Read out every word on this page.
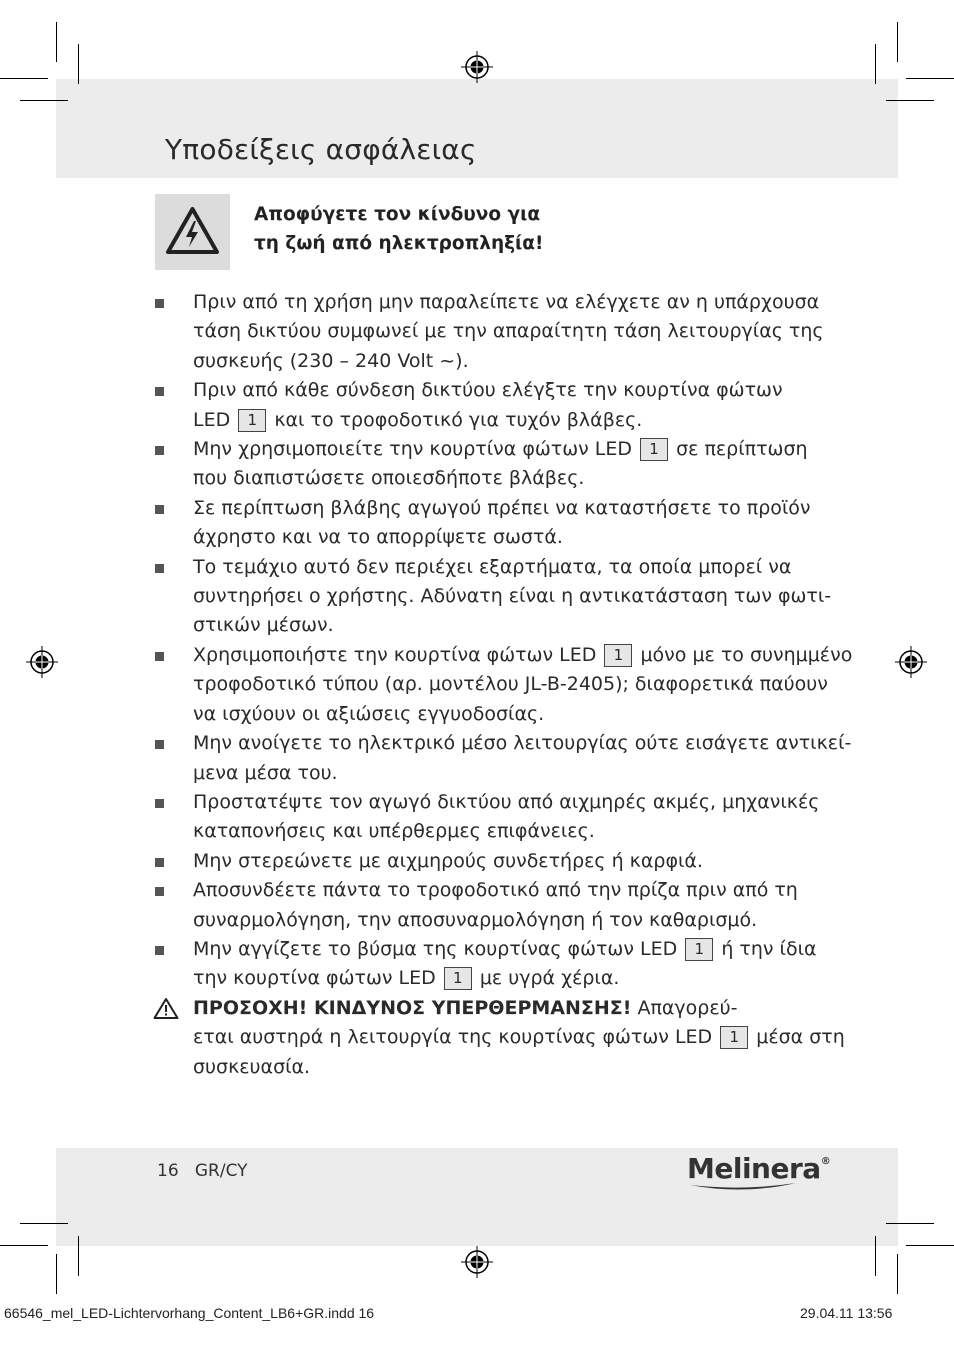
Υποδείξεις ασφάλειας
Αποφύγετε τον κίνδυνο για
τη ζωή από ηλεκτροπληξία!
Πριν από τη χρήση μην παραλείπετε να ελέγχετε αν η υπάρχουσα
τάση δικτύου συμφωνεί με την απαραίτητη τάση λειτουργίας της
συσκευής (230 – 240 Volt ~).
Πριν από κάθε σύνδεση δικτύου ελέγξτε την κουρτίνα φώτων
LED 1 και το τροφοδοτικό για τυχόν βλάβες.
Μην χρησιμοποιείτε την κουρτίνα φώτων LED 1 σε περίπτωση
που διαπιστώσετε οποιεσδήποτε βλάβες.
Σε περίπτωση βλάβης αγωγού πρέπει να καταστήσετε το προϊόν
άχρηστο και να το απορρίψετε σωστά.
Το τεμάχιο αυτό δεν περιέχει εξαρτήματα, τα οποία μπορεί να
συντηρήσει ο χρήστης. Αδύνατη είναι η αντικατάσταση των φωτι-
στικών μέσων.
Χρησιμοποιήστε την κουρτίνα φώτων LED 1 μόνο με το συνημμένο
τροφοδοτικό τύπου (αρ. μοντέλου JL-B-2405); διαφορετικά παύουν
να ισχύουν οι αξιώσεις εγγυοδοσίας.
Μην ανοίγετε το ηλεκτρικό μέσο λειτουργίας ούτε εισάγετε αντικεί-
μενα μέσα του.
Προστατέψτε τον αγωγό δικτύου από αιχμηρές ακμές, μηχανικές
καταπονήσεις και υπέρθερμες επιφάνειες.
Μην στερεώνετε με αιχμηρούς συνδετήρες ή καρφιά.
Αποσυνδέετε πάντα το τροφοδοτικό από την πρίζα πριν από τη
συναρμολόγηση, την αποσυναρμολόγηση ή τον καθαρισμό.
Μην αγγίζετε το βύσμα της κουρτίνας φώτων LED 1 ή την ίδια
την κουρτίνα φώτων LED 1 με υγρά χέρια.
ΠΡΟΣΟΧΗ! ΚΙΝΔΥΝΟΣ ΥΠΕΡΘΕΡΜΑΝΣΗΣ! Απαγορεύ-
εται αυστηρά η λειτουργία της κουρτίνας φώτων LED 1 μέσα στη
συσκευασία.
16 GR/CY	Melinera®
66546_mel_LED-Lichtervorhang_Content_LB6+GR.indd 16	29.04.11 13:56
